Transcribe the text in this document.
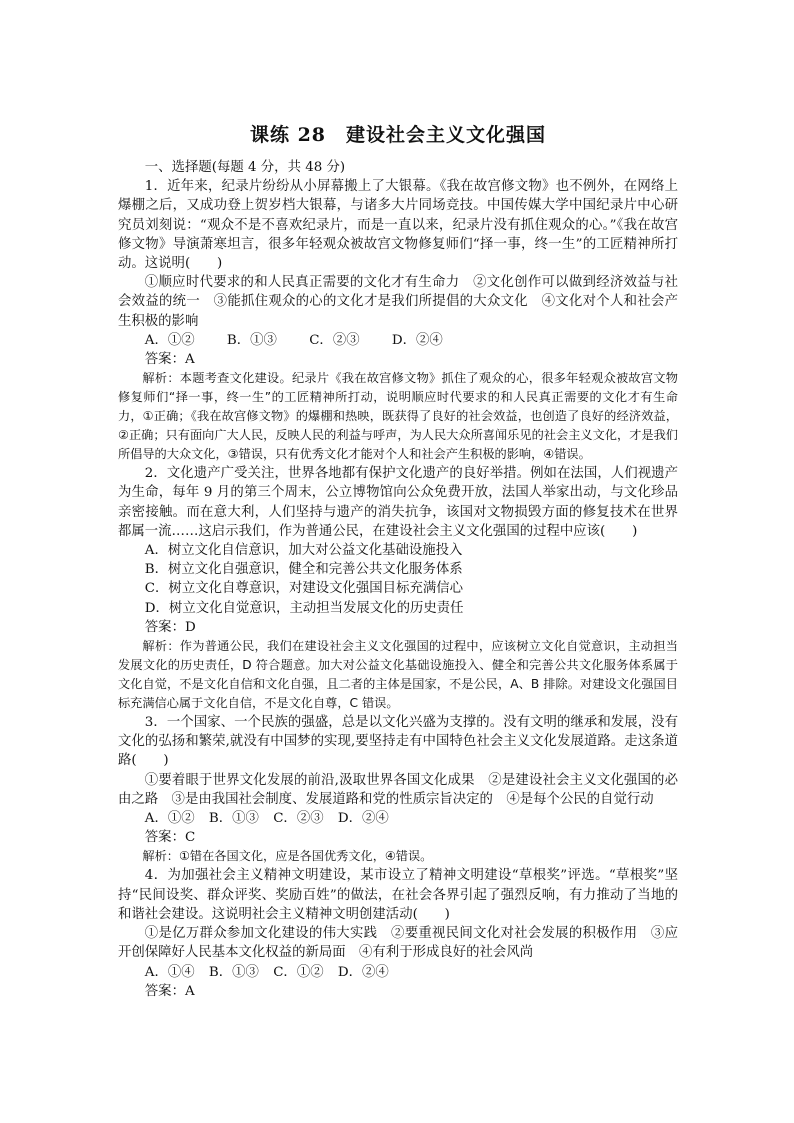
课练 28　建设社会主义文化强国

一、选择题(每题 4 分，共 48 分)

1．近年来，纪录片纷纷从小屏幕搬上了大银幕。《我在故宫修文物》也不例外，在网络上爆棚之后，又成功登上贺岁档大银幕，与诸多大片同场竞技。中国传媒大学中国纪录片中心研究员刘刻说：“观众不是不喜欢纪录片，而是一直以来，纪录片没有抓住观众的心。”《我在故宫修文物》导演萧寒坦言，很多年轻观众被故宫文物修复师们“择一事，终一生”的工匠精神所打动。这说明(　　)

①顺应时代要求的和人民真正需要的文化才有生命力　②文化创作可以做到经济效益与社会效益的统一　③能抓住观众的心的文化才是我们所提倡的大众文化　④文化对个人和社会产生积极的影响

A．①② B．①③ C．②③ D．②④

答案：A

解析：本题考查文化建设。纪录片《我在故宫修文物》抓住了观众的心，很多年轻观众被故宫文物修复师们“择一事，终一生”的工匠精神所打动，说明顺应时代要求的和人民真正需要的文化才有生命力，①正确；《我在故宫修文物》的爆棚和热映，既获得了良好的社会效益，也创造了良好的经济效益，②正确；只有面向广大人民，反映人民的利益与呼声，为人民大众所喜闻乐见的社会主义文化，才是我们所倡导的大众文化，③错误，只有优秀文化才能对个人和社会产生积极的影响，④错误。

2．文化遗产广受关注，世界各地都有保护文化遗产的良好举措。例如在法国，人们视遗产为生命，每年 9 月的第三个周末，公立博物馆向公众免费开放，法国人举家出动，与文化珍品亲密接触。而在意大利，人们坚持与遗产的消失抗争，该国对文物损毁方面的修复技术在世界都属一流……这启示我们，作为普通公民，在建设社会主义文化强国的过程中应该(　　)

A．树立文化自信意识，加大对公益文化基础设施投入
B．树立文化自强意识，健全和完善公共文化服务体系
C．树立文化自尊意识，对建设文化强国目标充满信心
D．树立文化自觉意识，主动担当发展文化的历史责任

答案：D

解析：作为普通公民，我们在建设社会主义文化强国的过程中，应该树立文化自觉意识，主动担当发展文化的历史责任，D 符合题意。加大对公益文化基础设施投入、健全和完善公共文化服务体系属于文化自觉，不是文化自信和文化自强，且二者的主体是国家，不是公民，A、B 排除。对建设文化强国目标充满信心属于文化自信，不是文化自尊，C 错误。

3．一个国家、一个民族的强盛，总是以文化兴盛为支撑的。没有文明的继承和发展，没有文化的弘扬和繁荣,就没有中国梦的实现,要坚持走有中国特色社会主义文化发展道路。走这条道路(　　)

①要着眼于世界文化发展的前沿,汲取世界各国文化成果　②是建设社会主义文化强国的必由之路　③是由我国社会制度、发展道路和党的性质宗旨决定的　④是每个公民的自觉行动

A．①② B．①③ C．②③ D．②④

答案：C

解析：①错在各国文化，应是各国优秀文化，④错误。

4．为加强社会主义精神文明建设，某市设立了精神文明建设“草根奖”评选。“草根奖”坚持“民间设奖、群众评奖、奖励百姓”的做法，在社会各界引起了强烈反响，有力推动了当地的和谐社会建设。这说明社会主义精神文明创建活动(　　)

①是亿万群众参加文化建设的伟大实践　②要重视民间文化对社会发展的积极作用　③应开创保障好人民基本文化权益的新局面　④有利于形成良好的社会风尚

A．①④ B．①③ C．①② D．②④

答案：A
